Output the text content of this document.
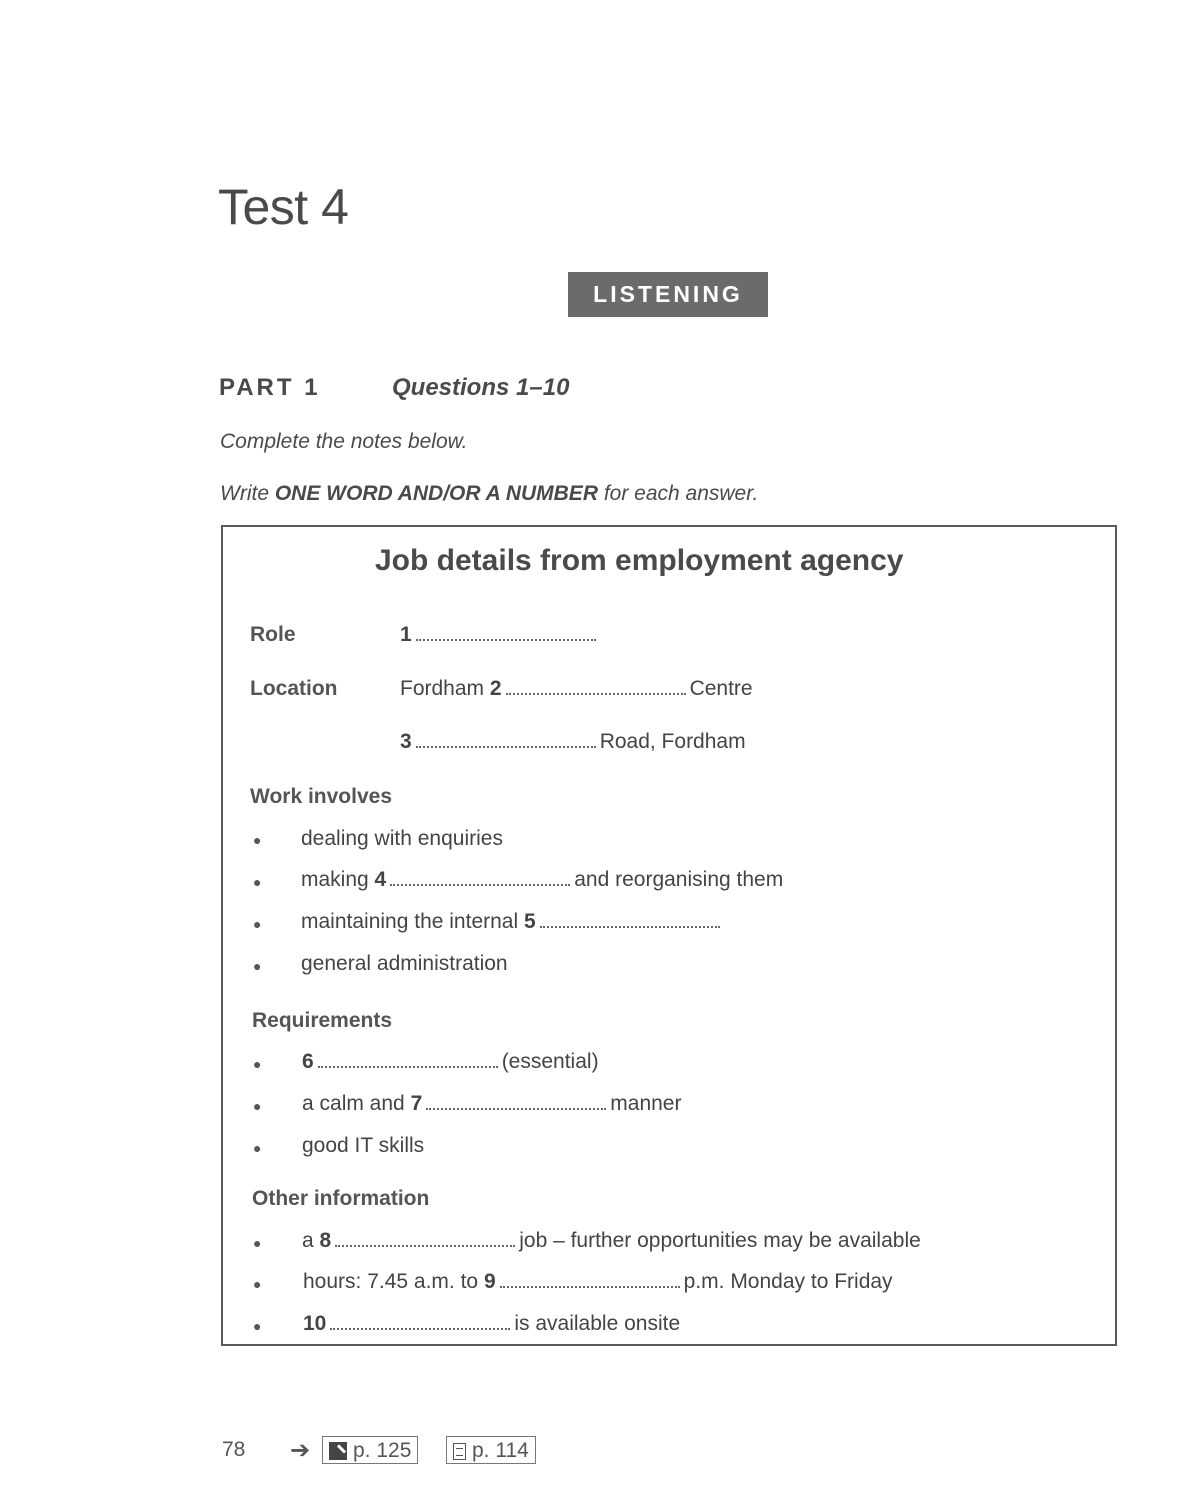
Test 4
LISTENING
PART 1	Questions 1–10
Complete the notes below.
Write ONE WORD AND/OR A NUMBER for each answer.
Job details from employment agency
Role	1
Location	Fordham 2	Centre
3	Road, Fordham
Work involves
● dealing with enquiries
● making 4	and reorganising them
● maintaining the internal 5
● general administration
Requirements
● 6	(essential)
● a calm and 7	manner
● good IT skills
Other information
● a 8	job – further opportunities may be available
● hours: 7.45 a.m. to 9	p.m. Monday to Friday
● 10	is available onsite
78 ➔ p. 125	p. 114
